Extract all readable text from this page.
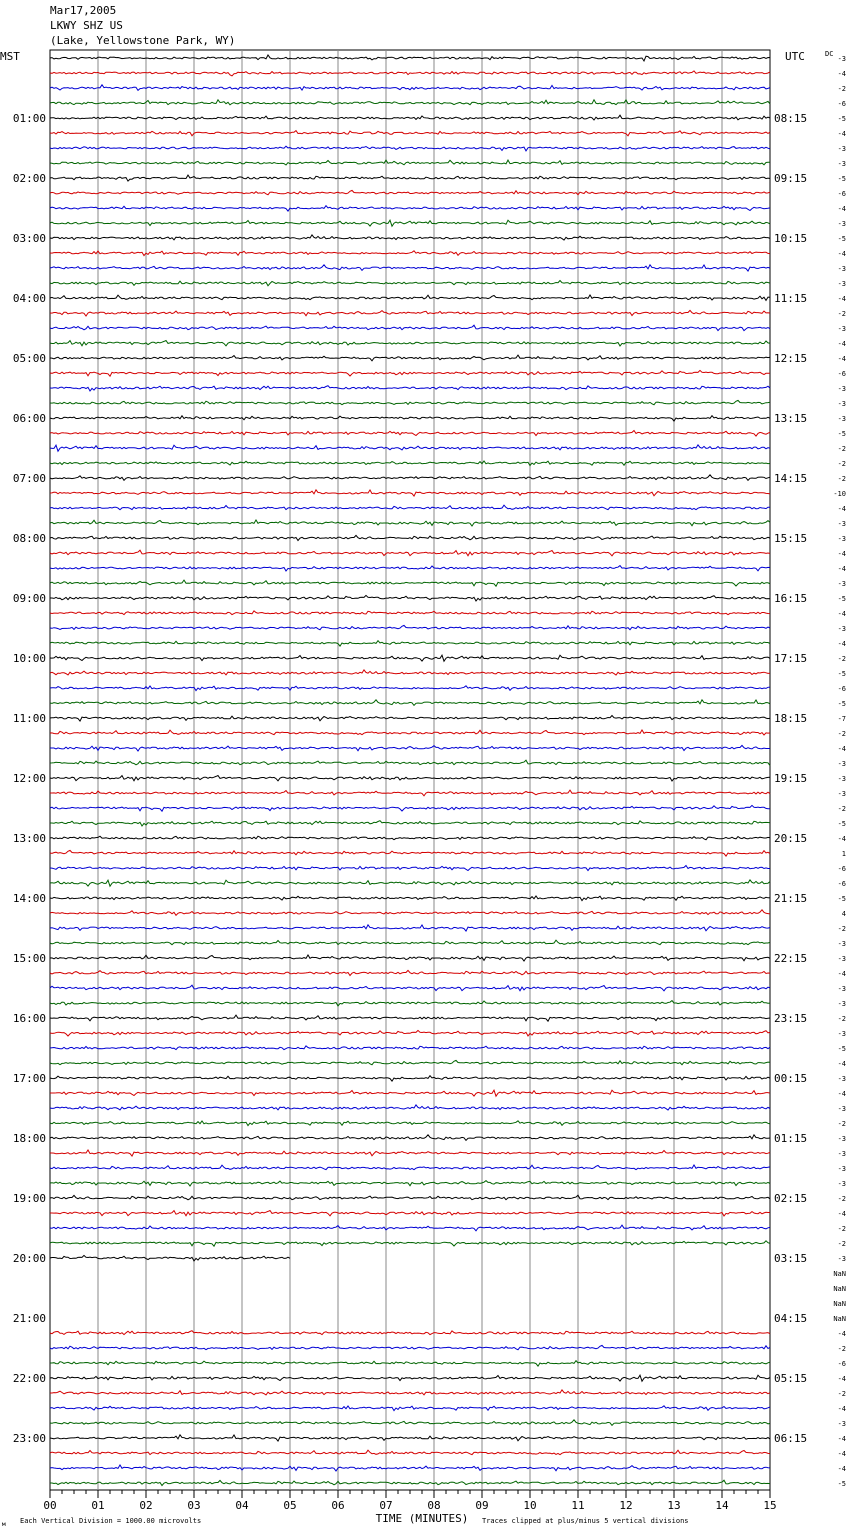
Mar17,2005
LKWY SHZ US
(Lake, Yellowstone Park, WY)
MST	UTC	DC
01:00
02:00
03:00
04:00
05:00
06:00
07:00
08:00
09:00
10:00
11:00
12:00
13:00
14:00
15:00
16:00
17:00
18:00
19:00
20:00
21:00
22:00
23:00
08:15
09:15
10:15
11:15
12:15
13:15
14:15
15:15
16:15
17:15
18:15
19:15
20:15
21:15
22:15
23:15
00:15
01:15
02:15
03:15
04:15
05:15
06:15
-3
-4
-2
-6
-5
-4
-3
-3
-5
-6
-4
-3
-5
-4
-3
-3
-4
-2
-3
-4
-4
-6
-3
-3
-3
-5
-2
-2
-2
-10
-4
-3
-3
-4
-4
-3
-5
-4
-3
-4
-2
-5
-6
-5
-7
-2
-4
-3
-3
-3
-2
-5
-4
1
-6
-6
-5
4
-2
-3
-3
-4
-3
-3
-2
-3
-5
-4
-3
-4
-3
-2
-3
-3
-3
-3
-2
-4
-2
-2
-3
NaN
NaN
NaN
NaN
-4
-2
-6
-4
-2
-4
-3
-4
-4
-4
-5
00	01	02	03	04	05	06	07	08	09	10	11	12	13	14	15
TIME (MINUTES)
Each Vertical Division = 1000.00 microvolts	Traces clipped at plus/minus 5 vertical divisions
м
